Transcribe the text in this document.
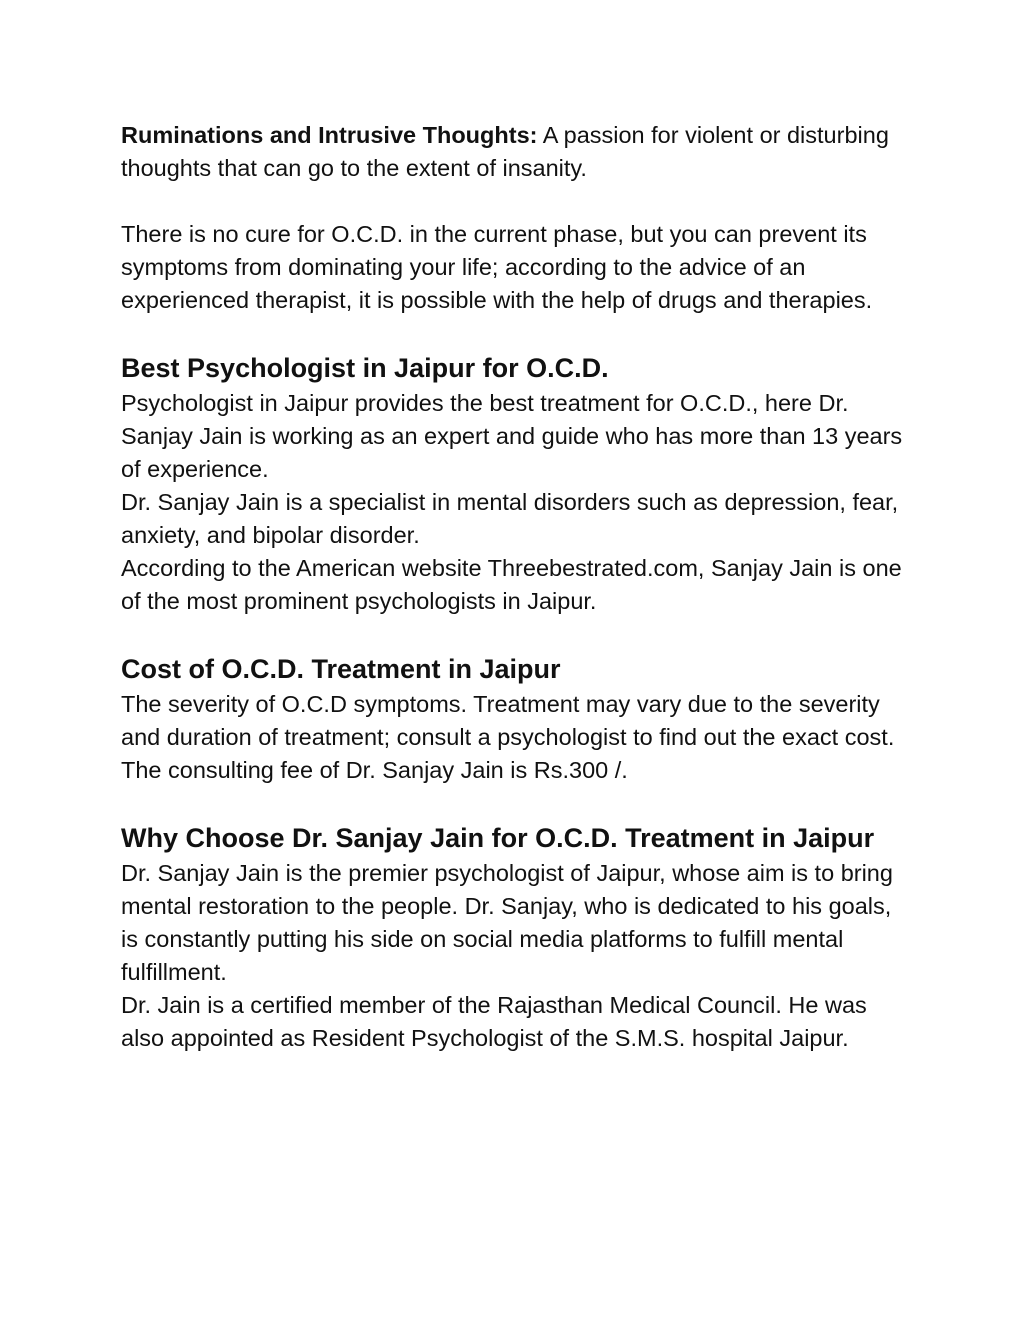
Ruminations and Intrusive Thoughts: A passion for violent or disturbing thoughts that can go to the extent of insanity.

There is no cure for O.C.D. in the current phase, but you can prevent its symptoms from dominating your life; according to the advice of an experienced therapist, it is possible with the help of drugs and therapies.

Best Psychologist in Jaipur for O.C.D.

Psychologist in Jaipur provides the best treatment for O.C.D., here Dr. Sanjay Jain is working as an expert and guide who has more than 13 years of experience.

Dr. Sanjay Jain is a specialist in mental disorders such as depression, fear, anxiety, and bipolar disorder.

According to the American website Threebestrated.com, Sanjay Jain is one of the most prominent psychologists in Jaipur.

Cost of O.C.D. Treatment in Jaipur

The severity of O.C.D symptoms. Treatment may vary due to the severity and duration of treatment; consult a psychologist to find out the exact cost. The consulting fee of Dr. Sanjay Jain is Rs.300 /.

Why Choose Dr. Sanjay Jain for O.C.D. Treatment in Jaipur

Dr. Sanjay Jain is the premier psychologist of Jaipur, whose aim is to bring mental restoration to the people. Dr. Sanjay, who is dedicated to his goals, is constantly putting his side on social media platforms to fulfill mental fulfillment.

Dr. Jain is a certified member of the Rajasthan Medical Council. He was also appointed as Resident Psychologist of the S.M.S. hospital Jaipur.
